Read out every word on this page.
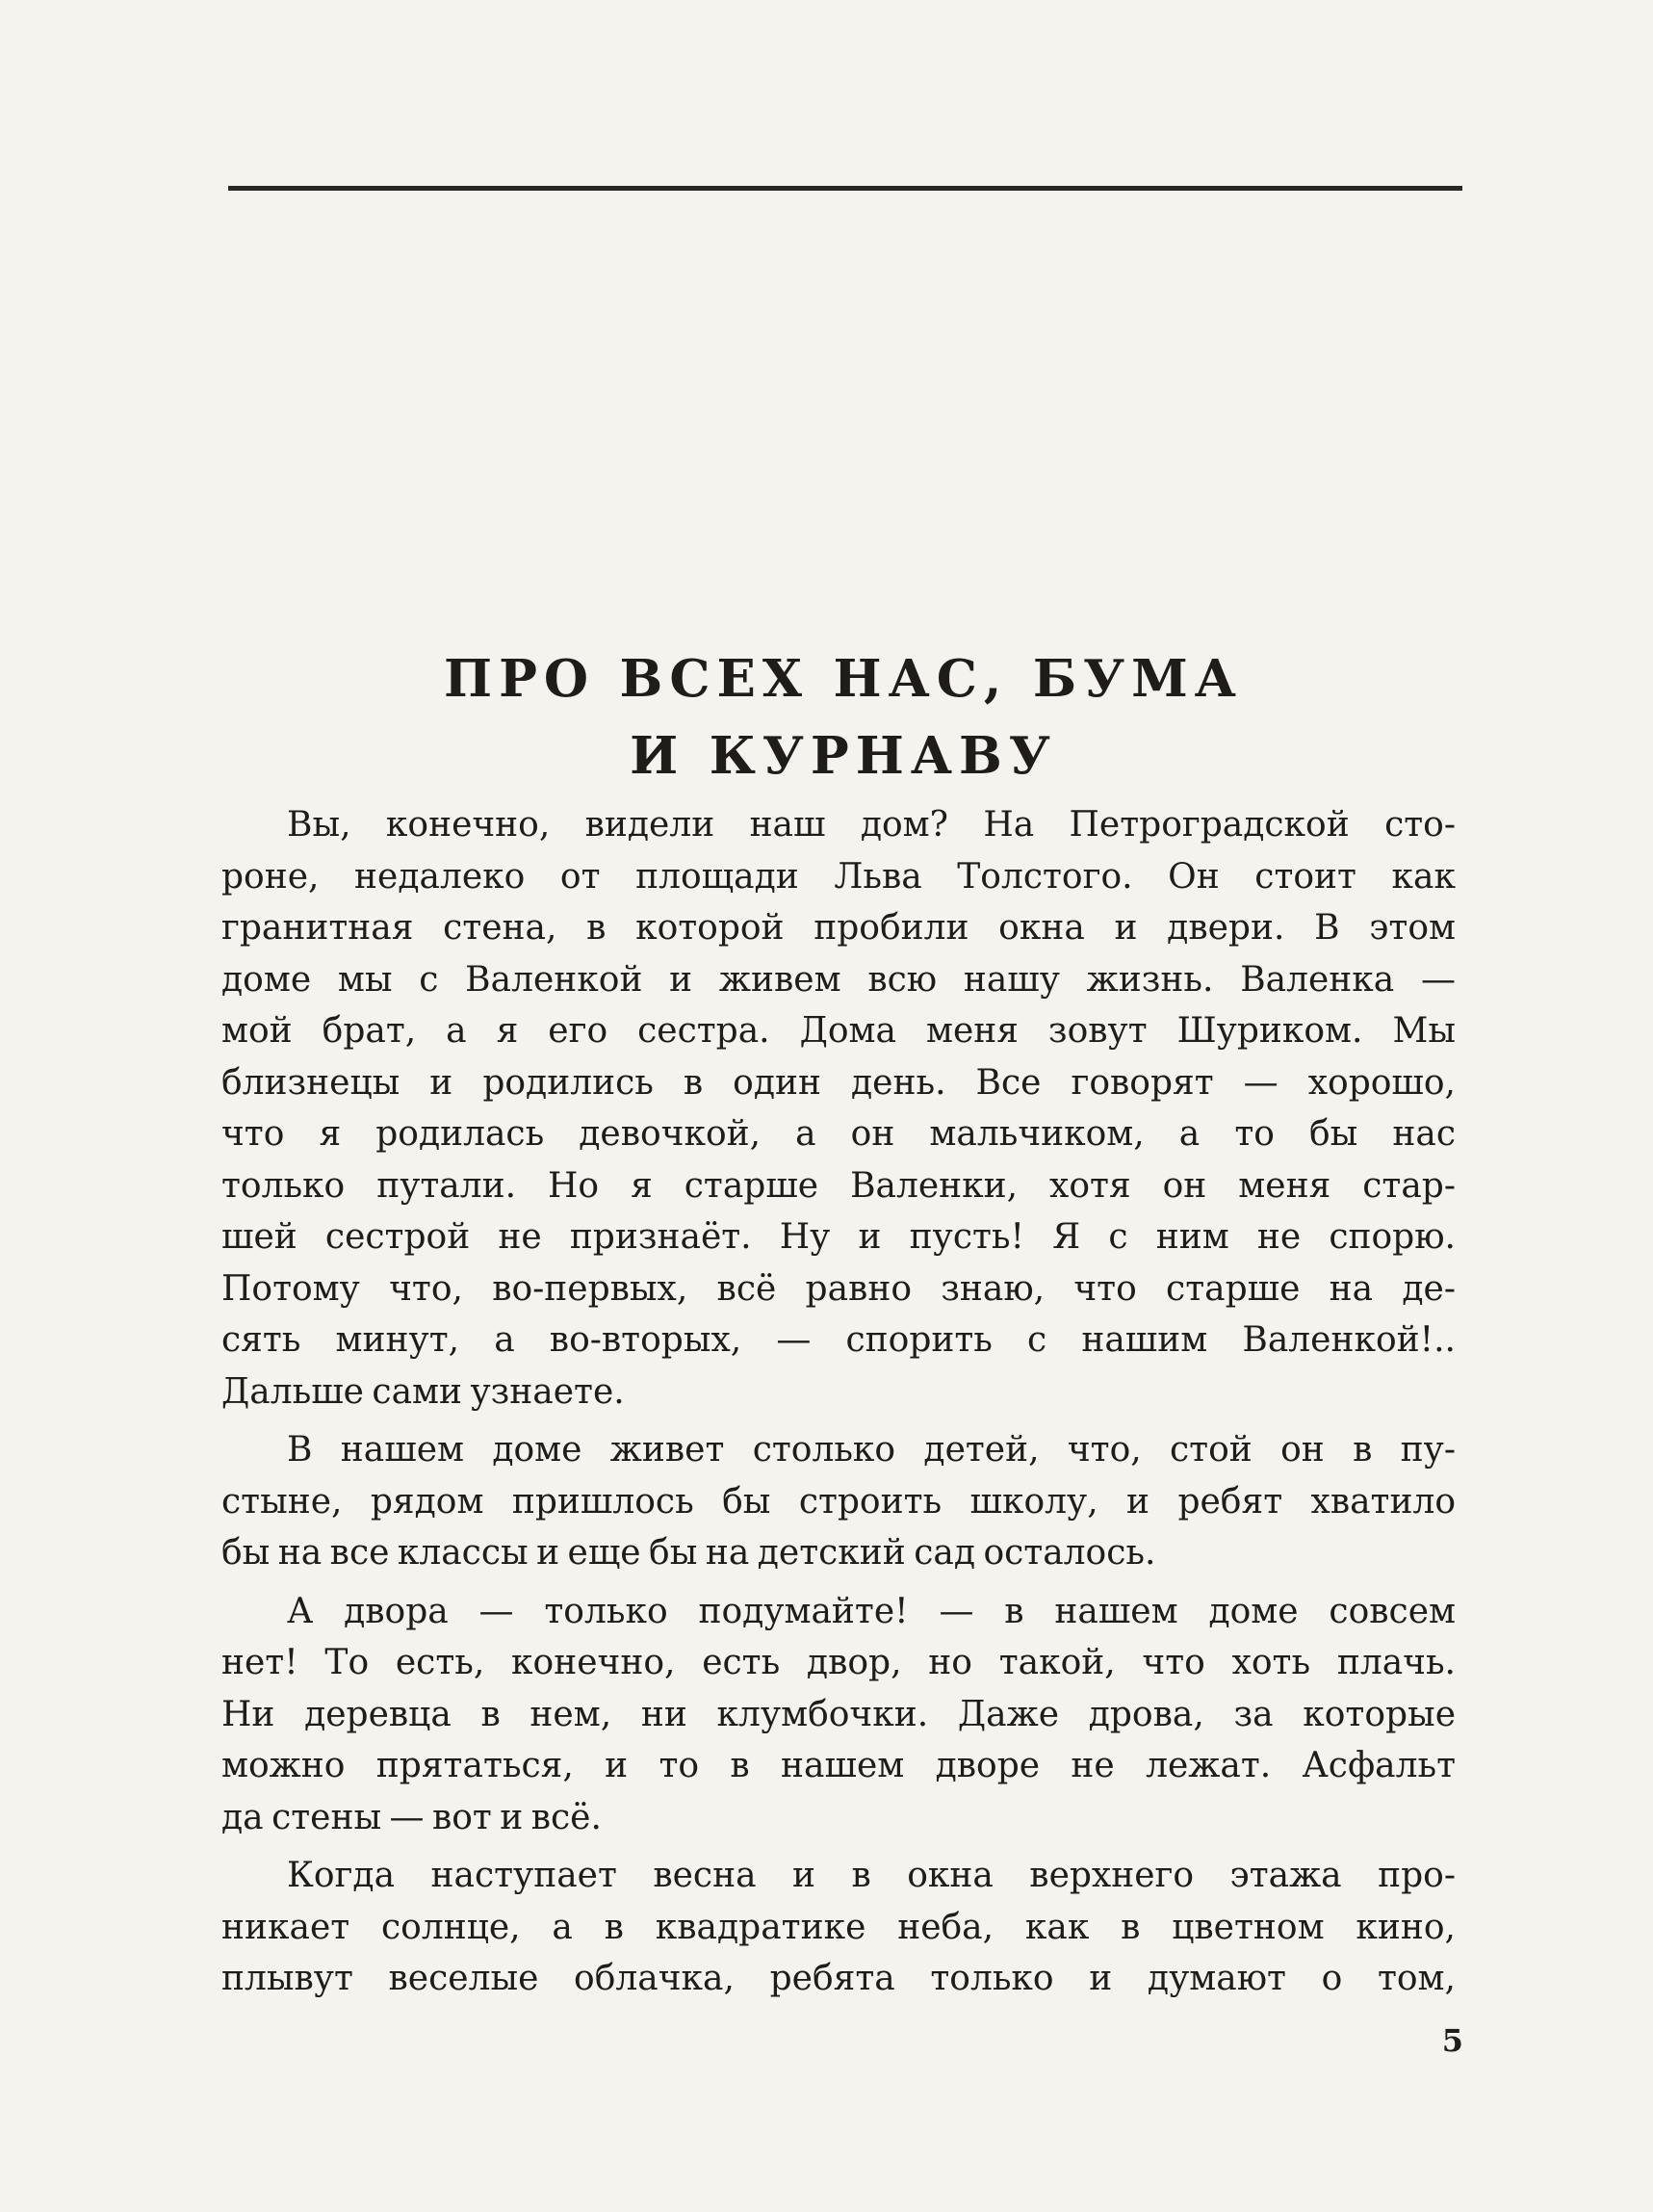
ПРО ВСЕХ НАС, БУМА
И КУРНАВУ

Вы, конечно, видели наш дом? На Петроградской сто-
роне, недалеко от площади Льва Толстого. Он стоит как
гранитная стена, в которой пробили окна и двери. В этом
доме мы с Валенкой и живем всю нашу жизнь. Валенка —
мой брат, а я его сестра. Дома меня зовут Шуриком. Мы
близнецы и родились в один день. Все говорят — хорошо,
что я родилась девочкой, а он мальчиком, а то бы нас
только путали. Но я старше Валенки, хотя он меня стар-
шей сестрой не признаёт. Ну и пусть! Я с ним не спорю.
Потому что, во-первых, всё равно знаю, что старше на де-
сять минут, а во-вторых, — спорить с нашим Валенкой!..
Дальше сами узнаете.

В нашем доме живет столько детей, что, стой он в пу-
стыне, рядом пришлось бы строить школу, и ребят хватило
бы на все классы и еще бы на детский сад осталось.

А двора — только подумайте! — в нашем доме совсем
нет! То есть, конечно, есть двор, но такой, что хоть плачь.
Ни деревца в нем, ни клумбочки. Даже дрова, за которые
можно прятаться, и то в нашем дворе не лежат. Асфальт
да стены — вот и всё.

Когда наступает весна и в окна верхнего этажа про-
никает солнце, а в квадратике неба, как в цветном кино,
плывут веселые облачка, ребята только и думают о том,

5
